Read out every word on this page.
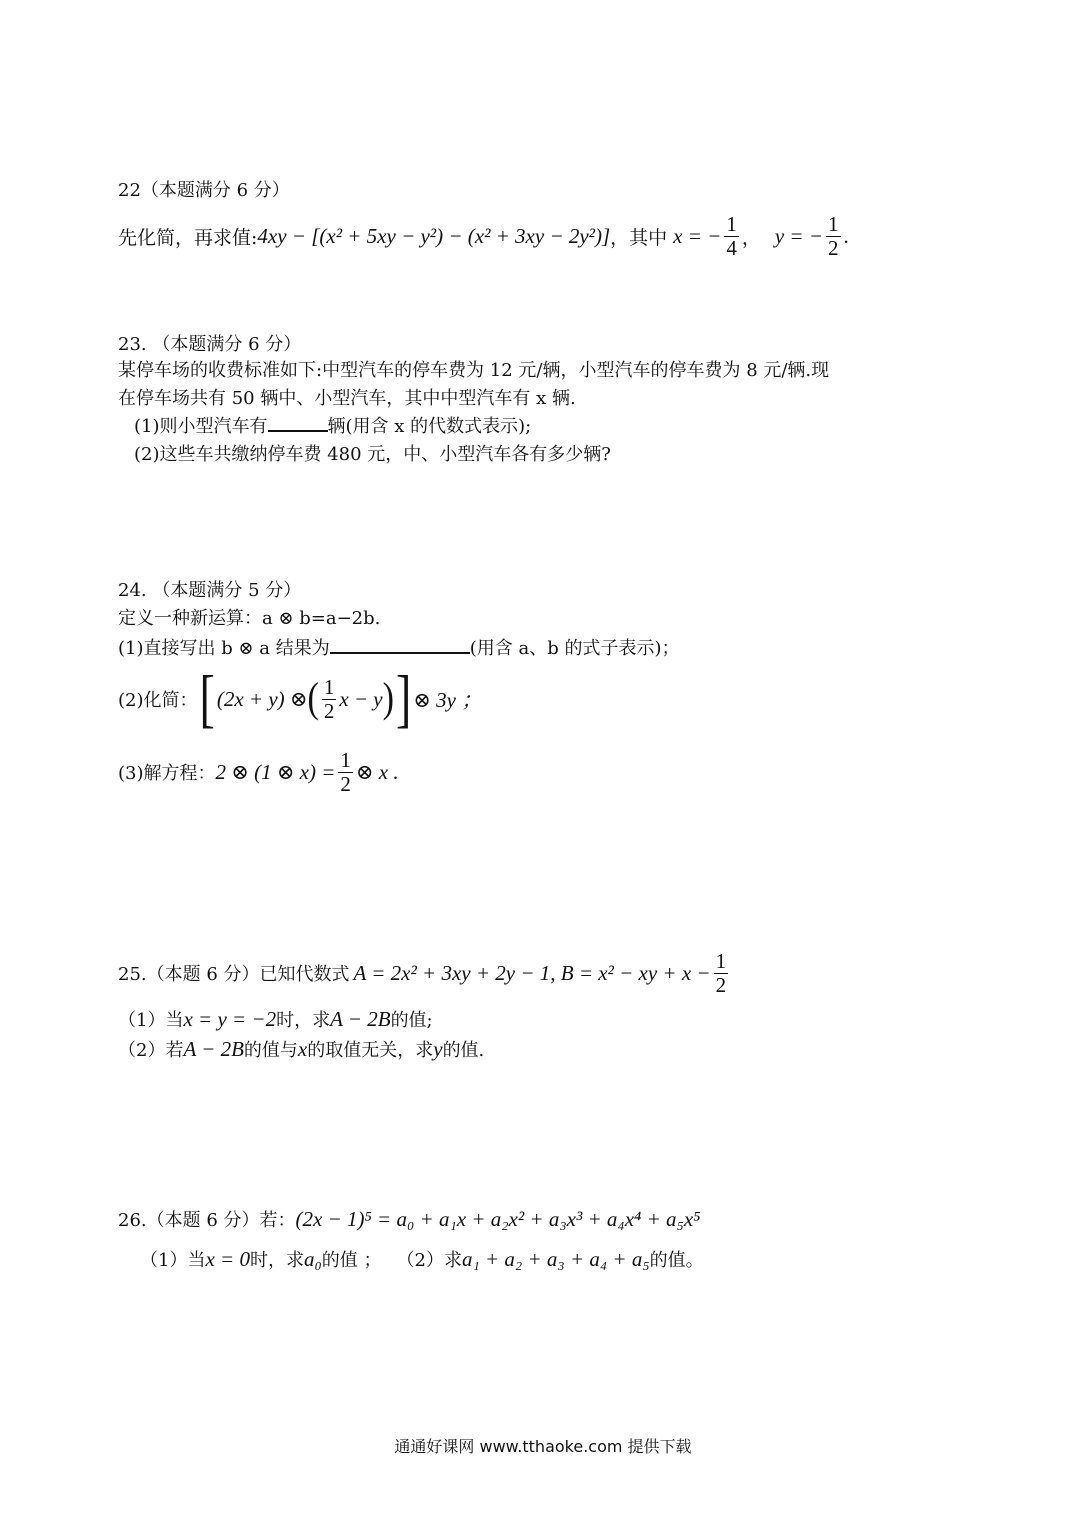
22（本题满分 6 分）
先化简，再求值: 4xy − [(x² + 5xy − y²) − (x² + 3xy − 2y²)] ，其中 x = − $\frac{1}{4}$ ， y = − $\frac{1}{2}$ .
23. （本题满分 6 分）
某停车场的收费标准如下:中型汽车的停车费为 12 元/辆，小型汽车的停车费为 8 元/辆.现
在停车场共有 50 辆中、小型汽车，其中中型汽车有 x 辆.
(1)则小型汽车有	辆(用含 x 的代数式表示);
(2)这些车共缴纳停车费 480 元，中、小型汽车各有多少辆?
24. （本题满分 5 分）
定义一种新运算：a ⊗ b=a−2b.
(1)直接写出 b ⊗ a 结果为	(用含 a、b 的式子表示)；
(2)化简： [ (2x + y) ⊗ ( $\frac{1}{2}$ x − y ) ] ⊗ 3y ；
(3)解方程： 2 ⊗ (1 ⊗ $x) = \frac{1}{2}$ ⊗ x .
25.（本题 6 分）已知代数式 A = 2x² + 3xy + 2y − 1, B = x² − xy + $x - \frac{1}{2}$
（1）当x = y = −2时，求A − 2B的值;
（2）若A − 2B的值与x的取值无关，求y的值.
26.（本题 6 分）若：(2x − 1)⁵ = a₀ + a₁x + a₂x² + a₃x³ + a₄x⁴ + a₅x⁵
（1）当x = 0时，求a₀的值 ； （2）求a₁ + a₂ + a₃ + a₄ + a₅的值。
通通好课网 www.tthaoke.com 提供下载
